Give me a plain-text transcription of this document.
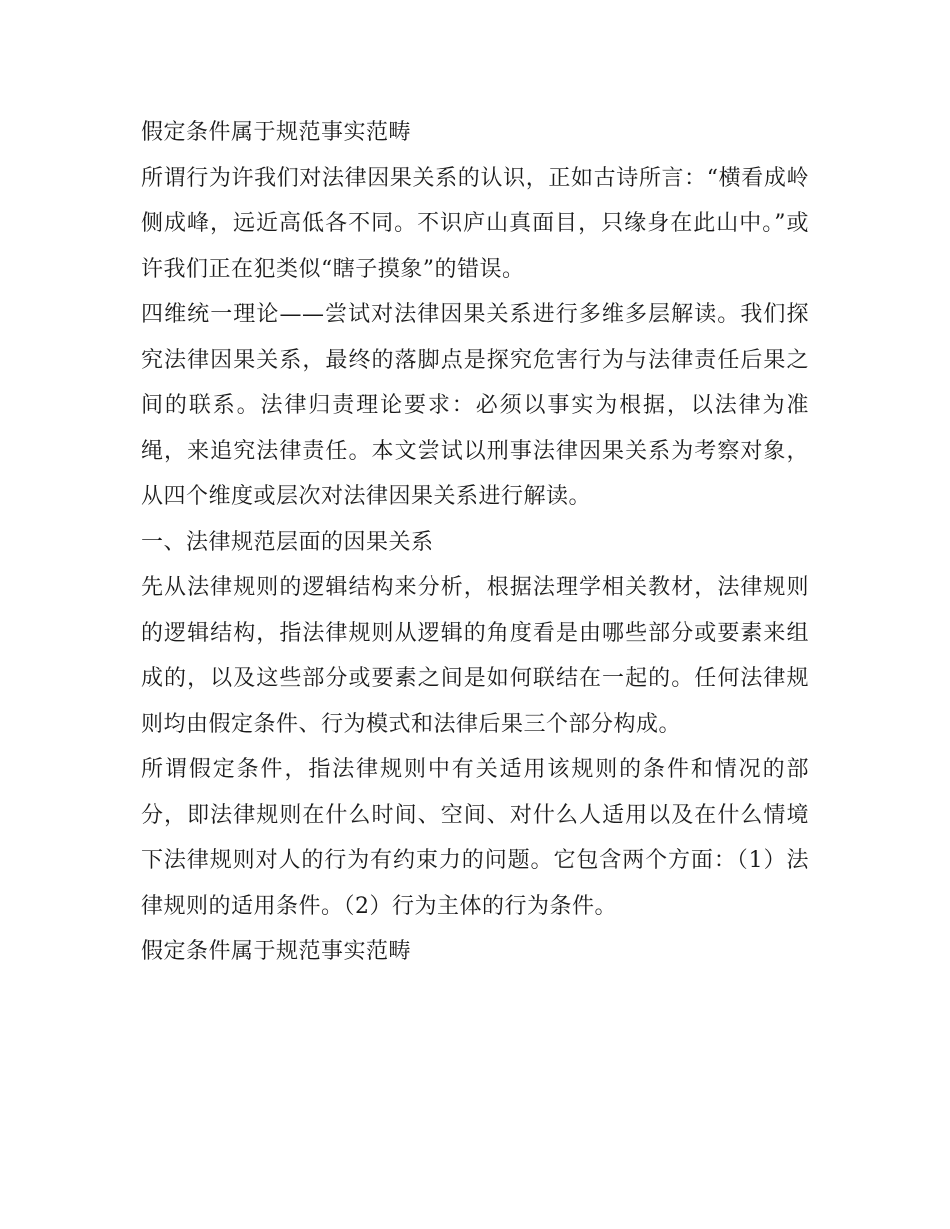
假定条件属于规范事实范畴

所谓行为许我们对法律因果关系的认识，正如古诗所言：“横看成岭侧成峰，远近高低各不同。不识庐山真面目，只缘身在此山中。”或许我们正在犯类似“瞎子摸象”的错误。

四维统一理论——尝试对法律因果关系进行多维多层解读。我们探究法律因果关系，最终的落脚点是探究危害行为与法律责任后果之间的联系。法律归责理论要求：必须以事实为根据，以法律为准绳，来追究法律责任。本文尝试以刑事法律因果关系为考察对象，从四个维度或层次对法律因果关系进行解读。

一、法律规范层面的因果关系

先从法律规则的逻辑结构来分析，根据法理学相关教材，法律规则的逻辑结构，指法律规则从逻辑的角度看是由哪些部分或要素来组成的，以及这些部分或要素之间是如何联结在一起的。任何法律规则均由假定条件、行为模式和法律后果三个部分构成。

所谓假定条件，指法律规则中有关适用该规则的条件和情况的部分，即法律规则在什么时间、空间、对什么人适用以及在什么情境下法律规则对人的行为有约束力的问题。它包含两个方面：（1）法律规则的适用条件。（2）行为主体的行为条件。

假定条件属于规范事实范畴
